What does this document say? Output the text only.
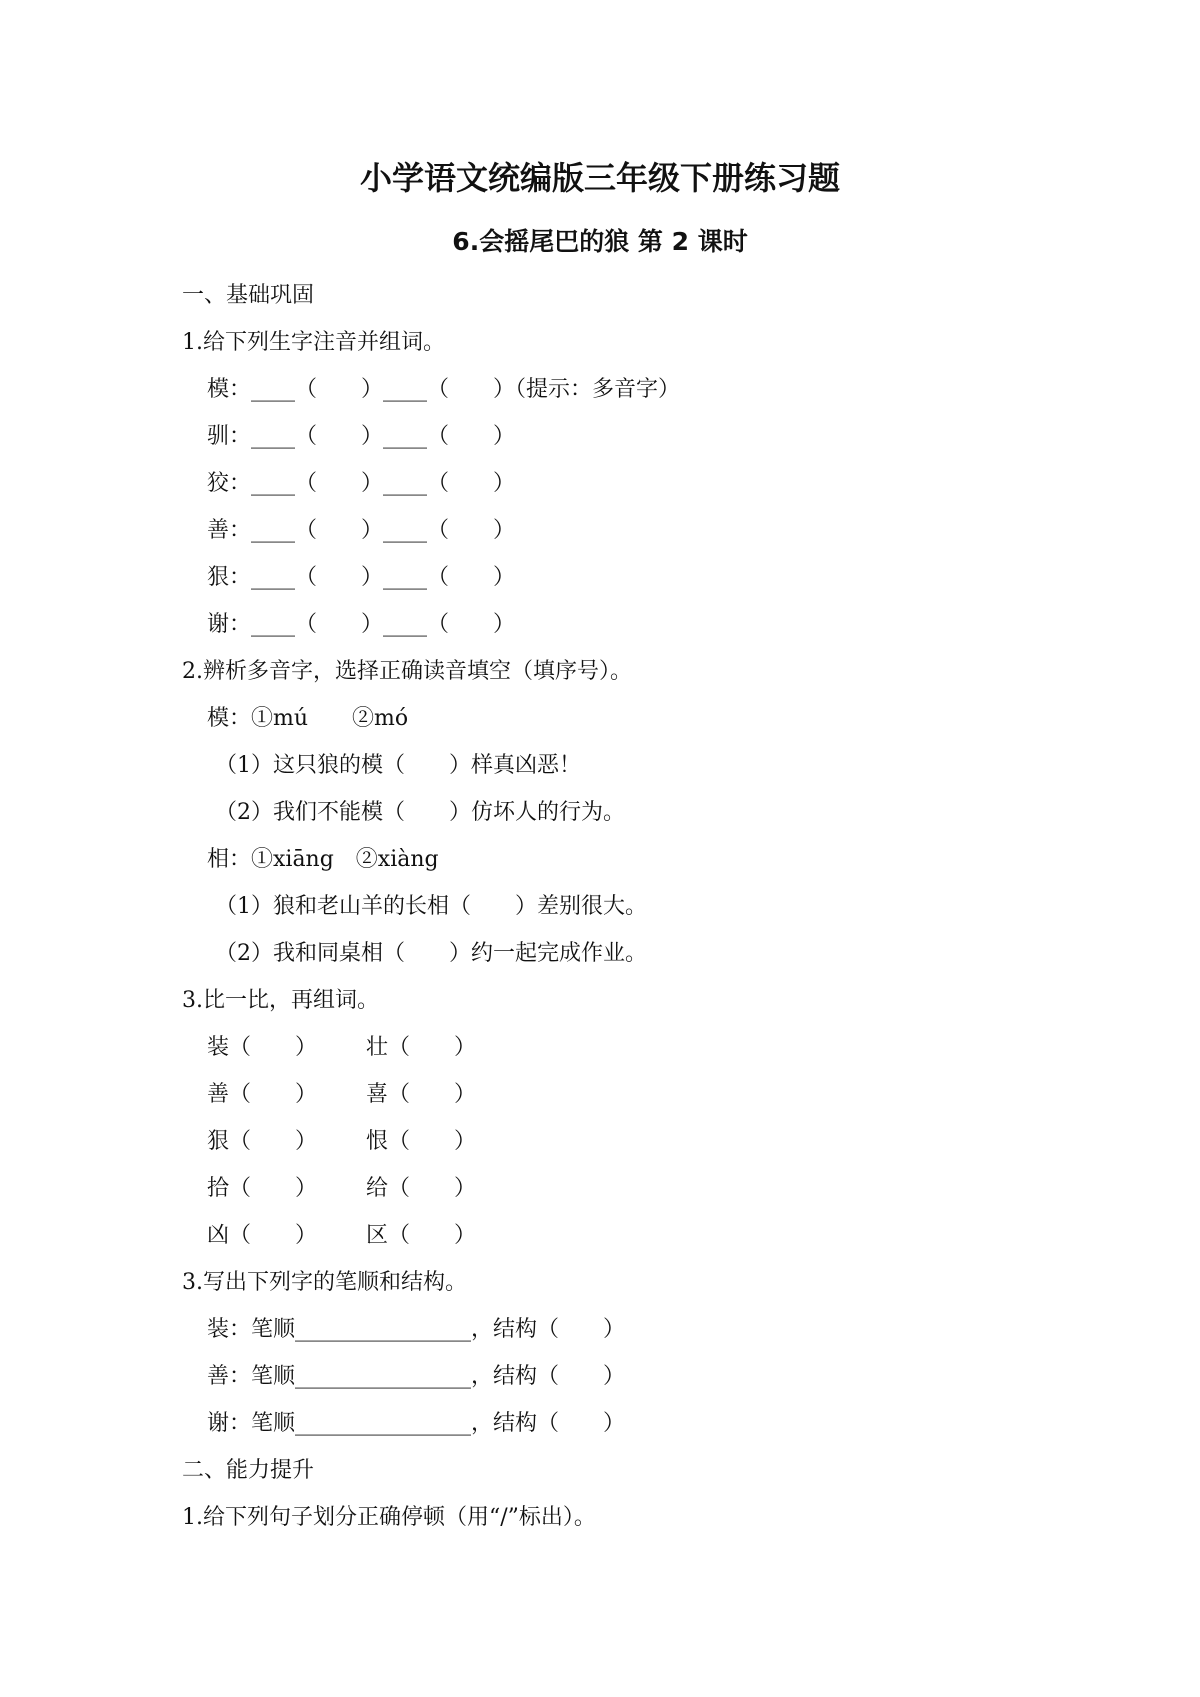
小学语文统编版三年级下册练习题
6.会摇尾巴的狼 第 2 课时
一、基础巩固
1.给下列生字注音并组词。
模：____（　　）____（　　）（提示：多音字）
驯：____（　　）____（　　）
狡：____（　　）____（　　）
善：____（　　）____（　　）
狠：____（　　）____（　　）
谢：____（　　）____（　　）
2.辨析多音字，选择正确读音填空（填序号）。
模：①mú　　②mó
（1）这只狼的模（　　）样真凶恶！
（2）我们不能模（　　）仿坏人的行为。
相：①xiāng　②xiàng
（1）狼和老山羊的长相（　　）差别很大。
（2）我和同桌相（　　）约一起完成作业。
3.比一比，再组词。
装（　　） 壮（　　）
善（　　） 喜（　　）
狠（　　） 恨（　　）
拾（　　） 给（　　）
凶（　　） 区（　　）
3.写出下列字的笔顺和结构。
装：笔顺________________，结构（　　）
善：笔顺________________，结构（　　）
谢：笔顺________________，结构（　　）
二、能力提升
1.给下列句子划分正确停顿（用“/”标出）。
